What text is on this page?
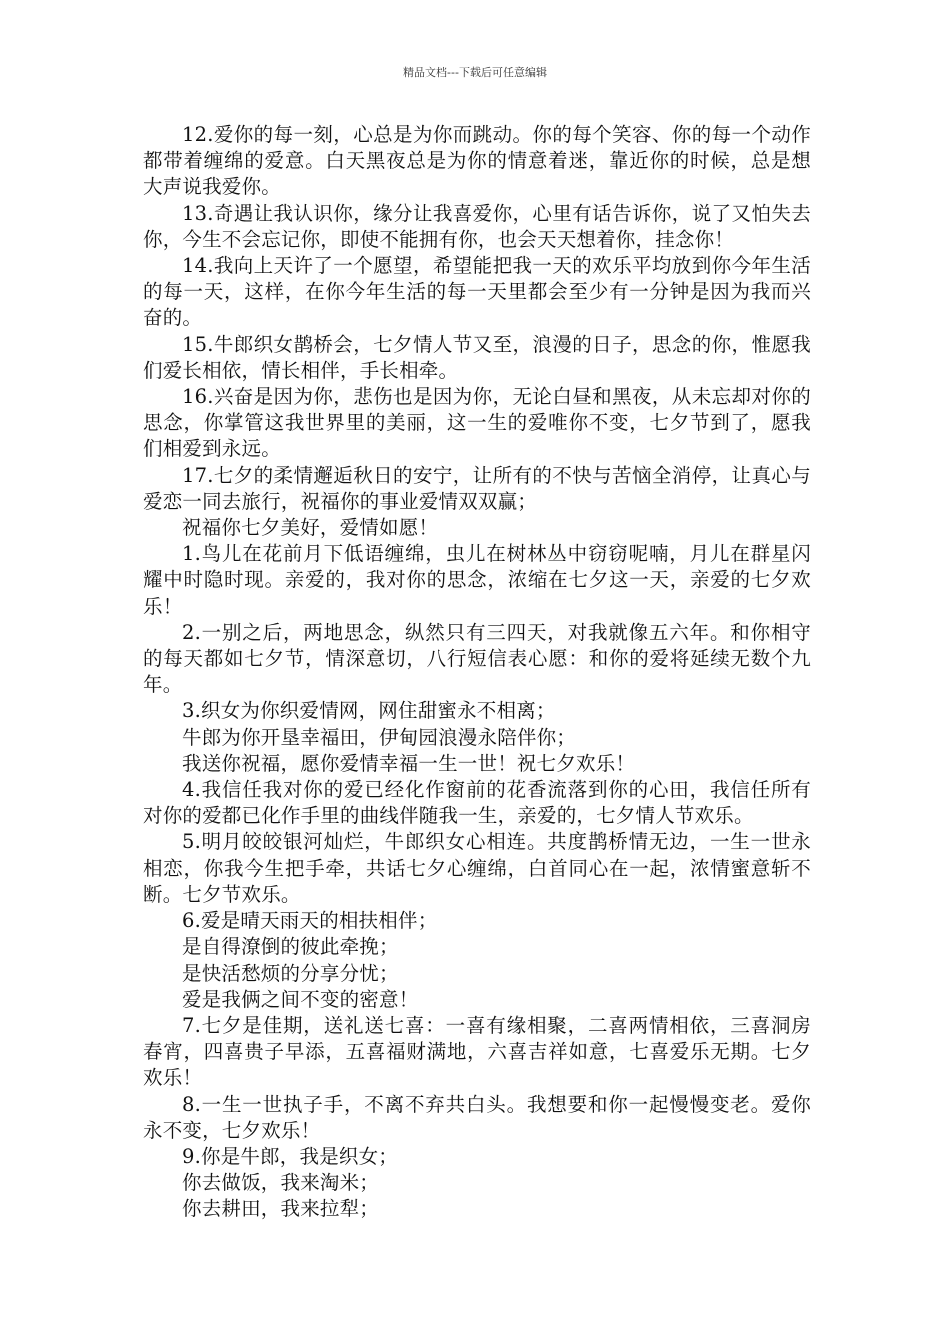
精品文档---下载后可任意编辑

12.爱你的每一刻，心总是为你而跳动。你的每个笑容、你的每一个动作都带着缠绵的爱意。白天黑夜总是为你的情意着迷，靠近你的时候，总是想大声说我爱你。

13.奇遇让我认识你，缘分让我喜爱你，心里有话告诉你，说了又怕失去你，今生不会忘记你，即使不能拥有你，也会天天想着你，挂念你！

14.我向上天许了一个愿望，希望能把我一天的欢乐平均放到你今年生活的每一天，这样，在你今年生活的每一天里都会至少有一分钟是因为我而兴奋的。

15.牛郎织女鹊桥会，七夕情人节又至，浪漫的日子，思念的你，惟愿我们爱长相依，情长相伴，手长相牵。

16.兴奋是因为你，悲伤也是因为你，无论白昼和黑夜，从未忘却对你的思念，你掌管这我世界里的美丽，这一生的爱唯你不变，七夕节到了，愿我们相爱到永远。

17.七夕的柔情邂逅秋日的安宁，让所有的不快与苦恼全消停，让真心与爱恋一同去旅行，祝福你的事业爱情双双赢；

祝福你七夕美好，爱情如愿！

1.鸟儿在花前月下低语缠绵，虫儿在树林丛中窃窃呢喃，月儿在群星闪耀中时隐时现。亲爱的，我对你的思念，浓缩在七夕这一天，亲爱的七夕欢乐！

2.一别之后，两地思念，纵然只有三四天，对我就像五六年。和你相守的每天都如七夕节，情深意切，八行短信表心愿：和你的爱将延续无数个九年。

3.织女为你织爱情网，网住甜蜜永不相离；

牛郎为你开垦幸福田，伊甸园浪漫永陪伴你；

我送你祝福，愿你爱情幸福一生一世！祝七夕欢乐！

4.我信任我对你的爱已经化作窗前的花香流落到你的心田，我信任所有对你的爱都已化作手里的曲线伴随我一生，亲爱的，七夕情人节欢乐。

5.明月皎皎银河灿烂，牛郎织女心相连。共度鹊桥情无边，一生一世永相恋，你我今生把手牵，共话七夕心缠绵，白首同心在一起，浓情蜜意斩不断。七夕节欢乐。

6.爱是晴天雨天的相扶相伴；

是自得潦倒的彼此牵挽；

是快活愁烦的分享分忧；

爱是我俩之间不变的密意！

7.七夕是佳期，送礼送七喜：一喜有缘相聚，二喜两情相依，三喜洞房春宵，四喜贵子早添，五喜福财满地，六喜吉祥如意，七喜爱乐无期。七夕欢乐！

8.一生一世执子手，不离不弃共白头。我想要和你一起慢慢变老。爱你永不变，七夕欢乐！

9.你是牛郎，我是织女；

你去做饭，我来淘米；

你去耕田，我来拉犁；
